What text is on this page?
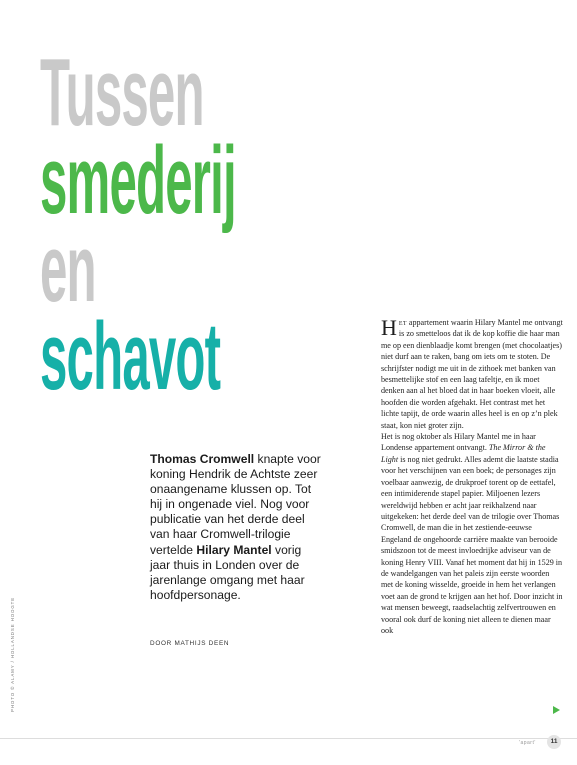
Tussen
smederij
en
schavot

Thomas Cromwell knapte voor koning Hendrik de Achtste zeer onaangename klussen op. Tot hij in ongenade viel. Nog voor publicatie van het derde deel van haar Cromwell-trilogie vertelde Hilary Mantel vorig jaar thuis in Londen over de jarenlange omgang met haar hoofdpersonage.

DOOR MATHIJS DEEN

PHOTO © ALAMY / HOLLANDSE HOOGTE

Het appartement waarin Hilary Mantel me ontvangt is zo smetteloos dat ik de kop koffie die haar man me op een dienblaadje komt brengen (met chocolaatjes) niet durf aan te raken, bang om iets om te stoten. De schrijfster nodigt me uit in de zithoek met banken van besmettelijke stof en een laag tafeltje, en ik moet denken aan al het bloed dat in haar boeken vloeit, alle hoofden die worden afgehakt. Het contrast met het lichte tapijt, de orde waarin alles heel is en op z’n plek staat, kon niet groter zijn.

Het is nog oktober als Hilary Mantel me in haar Londense appartement ontvangt. The Mirror & the Light is nog niet gedrukt. Alles ademt die laatste stadia voor het verschijnen van een boek; de personages zijn voelbaar aanwezig, de drukproef torent op de eettafel, een intimiderende stapel papier. Miljoenen lezers wereldwijd hebben er acht jaar reikhalzend naar uitgekeken: het derde deel van de trilogie over Thomas Cromwell, de man die in het zestiende-eeuwse Engeland de ongehoorde carrière maakte van berooide smidszoon tot de meest invloedrijke adviseur van de koning Henry VIII. Vanaf het moment dat hij in 1529 in de wandelgangen van het paleis zijn eerste woorden met de koning wisselde, groeide in hem het verlangen voet aan de grond te krijgen aan het hof. Door inzicht in wat mensen beweegt, raadselachtig zelfvertrouwen en vooral ook durf de koning niet alleen te dienen maar ook

'apart'	11
